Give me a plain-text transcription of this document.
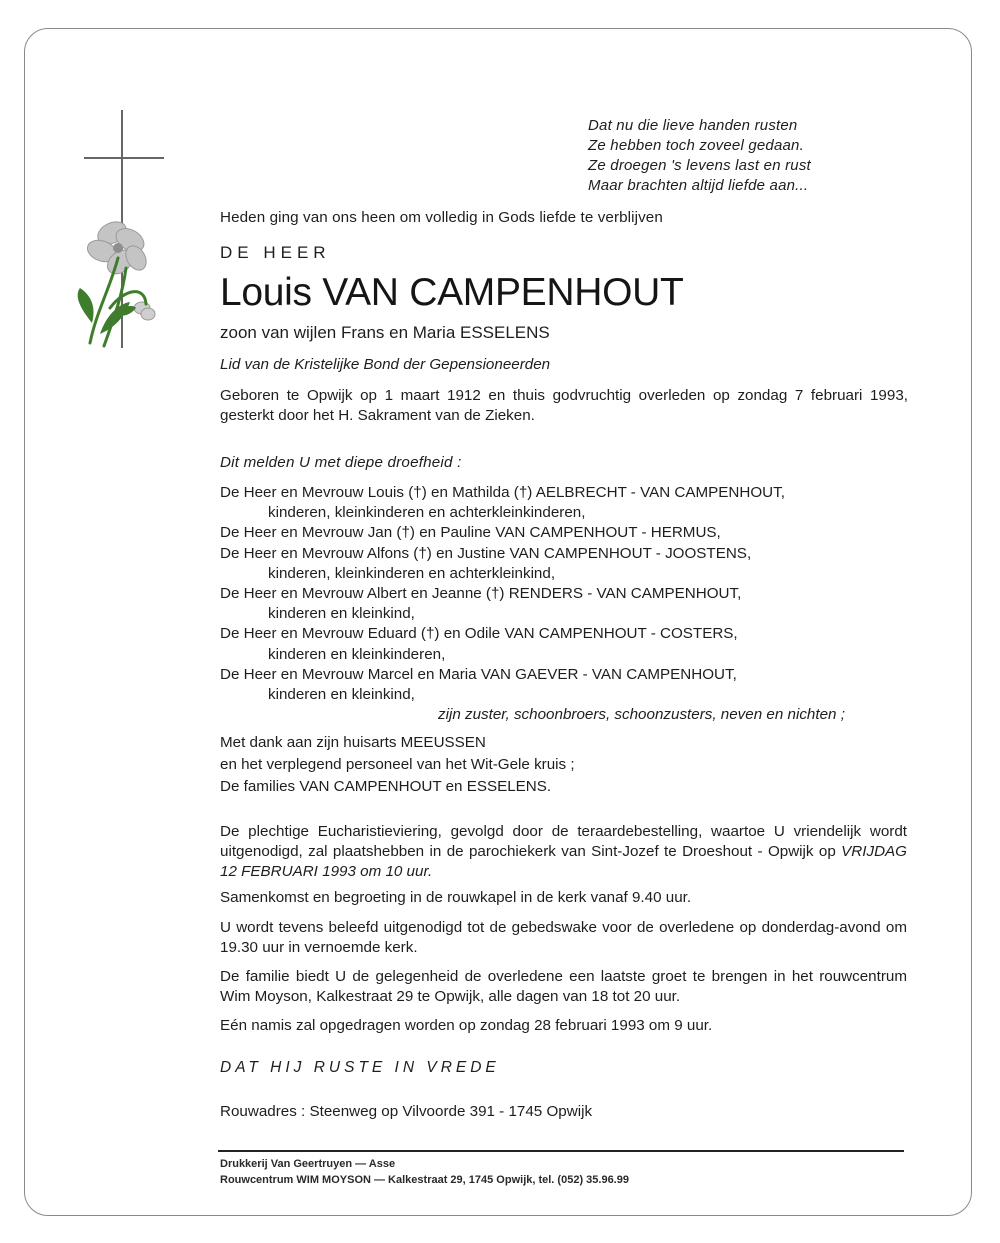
Dat nu die lieve handen rusten
Ze hebben toch zoveel gedaan.
Ze droegen 's levens last en rust
Maar brachten altijd liefde aan...
Heden ging van ons heen om volledig in Gods liefde te verblijven
DE HEER
Louis VAN CAMPENHOUT
zoon van wijlen Frans en Maria ESSELENS
Lid van de Kristelijke Bond der Gepensioneerden
Geboren te Opwijk op 1 maart 1912 en thuis godvruchtig overleden op zondag 7 februari 1993, gesterkt door het H. Sakrament van de Zieken.
Dit melden U met diepe droefheid :
De Heer en Mevrouw Louis (†) en Mathilda (†) AELBRECHT - VAN CAMPENHOUT,
kinderen, kleinkinderen en achterkleinkinderen,
De Heer en Mevrouw Jan (†) en Pauline VAN CAMPENHOUT - HERMUS,
De Heer en Mevrouw Alfons (†) en Justine VAN CAMPENHOUT - JOOSTENS,
kinderen, kleinkinderen en achterkleinkind,
De Heer en Mevrouw Albert en Jeanne (†) RENDERS - VAN CAMPENHOUT,
kinderen en kleinkind,
De Heer en Mevrouw Eduard (†) en Odile VAN CAMPENHOUT - COSTERS,
kinderen en kleinkinderen,
De Heer en Mevrouw Marcel en Maria VAN GAEVER - VAN CAMPENHOUT,
kinderen en kleinkind,
zijn zuster, schoonbroers, schoonzusters, neven en nichten ;
Met dank aan zijn huisarts MEEUSSEN
en het verplegend personeel van het Wit-Gele kruis ;
De families VAN CAMPENHOUT en ESSELENS.
De plechtige Eucharistieviering, gevolgd door de teraardebestelling, waartoe U vriendelijk wordt uitgenodigd, zal plaatshebben in de parochiekerk van Sint-Jozef te Droeshout - Opwijk op VRIJDAG 12 FEBRUARI 1993 om 10 uur.
Samenkomst en begroeting in de rouwkapel in de kerk vanaf 9.40 uur.
U wordt tevens beleefd uitgenodigd tot de gebedswake voor de overledene op donderdag-avond om 19.30 uur in vernoemde kerk.
De familie biedt U de gelegenheid de overledene een laatste groet te brengen in het rouwcentrum Wim Moyson, Kalkestraat 29 te Opwijk, alle dagen van 18 tot 20 uur.
Eén namis zal opgedragen worden op zondag 28 februari 1993 om 9 uur.
DAT HIJ RUSTE IN VREDE
Rouwadres : Steenweg op Vilvoorde 391 - 1745 Opwijk
Drukkerij Van Geertruyen — Asse
Rouwcentrum WIM MOYSON — Kalkestraat 29, 1745 Opwijk, tel. (052) 35.96.99
